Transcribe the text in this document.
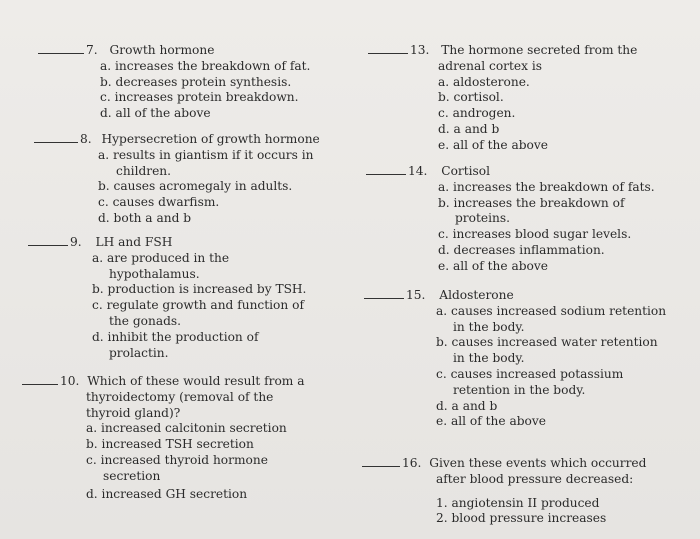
7. Growth hormone
a. increases the breakdown of fat.
b. decreases protein synthesis.
c. increases protein breakdown.
d. all of the above
8. Hypersecretion of growth hormone
a. results in giantism if it occurs in
children.
b. causes acromegaly in adults.
c. causes dwarfism.
d. both a and b
9. LH and FSH
a. are produced in the
hypothalamus.
b. production is increased by TSH.
c. regulate growth and function of
the gonads.
d. inhibit the production of
prolactin.
10. Which of these would result from a
thyroidectomy (removal of the
thyroid gland)?
a. increased calcitonin secretion
b. increased TSH secretion
c. increased thyroid hormone
secretion
d. increased GH secretion
13. The hormone secreted from the
adrenal cortex is
a. aldosterone.
b. cortisol.
c. androgen.
d. a and b
e. all of the above
14. Cortisol
a. increases the breakdown of fats.
b. increases the breakdown of
proteins.
c. increases blood sugar levels.
d. decreases inflammation.
e. all of the above
15. Aldosterone
a. causes increased sodium retention
in the body.
b. causes increased water retention
in the body.
c. causes increased potassium
retention in the body.
d. a and b
e. all of the above
16. Given these events which occurred
after blood pressure decreased:
1. angiotensin II produced
2. blood pressure increases
